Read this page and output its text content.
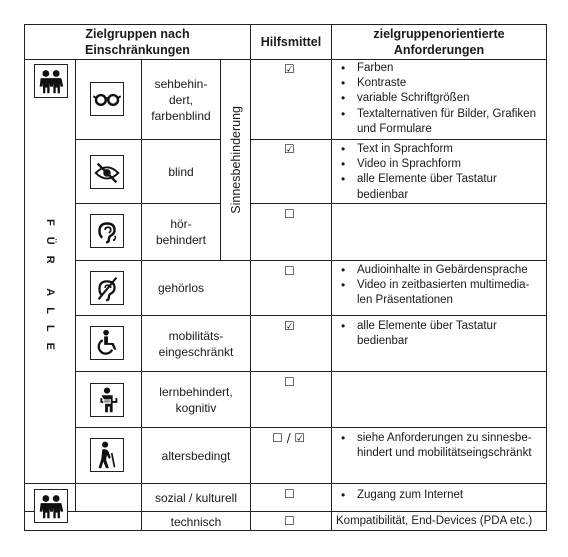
Zielgruppen nach Einschränkungen
Hilfsmittel
zielgruppenorientierte Anforderungen
FÜR ALLE
Sinnesbehinderung
sehbehin-
dert,
farbenblind
blind
hör-
behindert
gehörlos
mobilitäts-
eingeschränkt
lernbehindert,
kognitiv
altersbedingt
sozial / kulturell
technisch
☑
☑
☐
☐
☑
☐
☐ / ☑
☐
☐
• Farben
• Kontraste
• variable Schriftgrößen
• Textalternativen für Bilder, Grafiken und Formulare
• Text in Sprachform
• Video in Sprachform
• alle Elemente über Tastatur bedienbar
• Audioinhalte in Gebärdensprache
• Video in zeitbasierten multimedia-len Präsentationen
• alle Elemente über Tastatur bedienbar
• siehe Anforderungen zu sinnesbe-hindert und mobilitätseingschränkt
• Zugang zum Internet
Kompatibilität, End-Devices (PDA etc.)
